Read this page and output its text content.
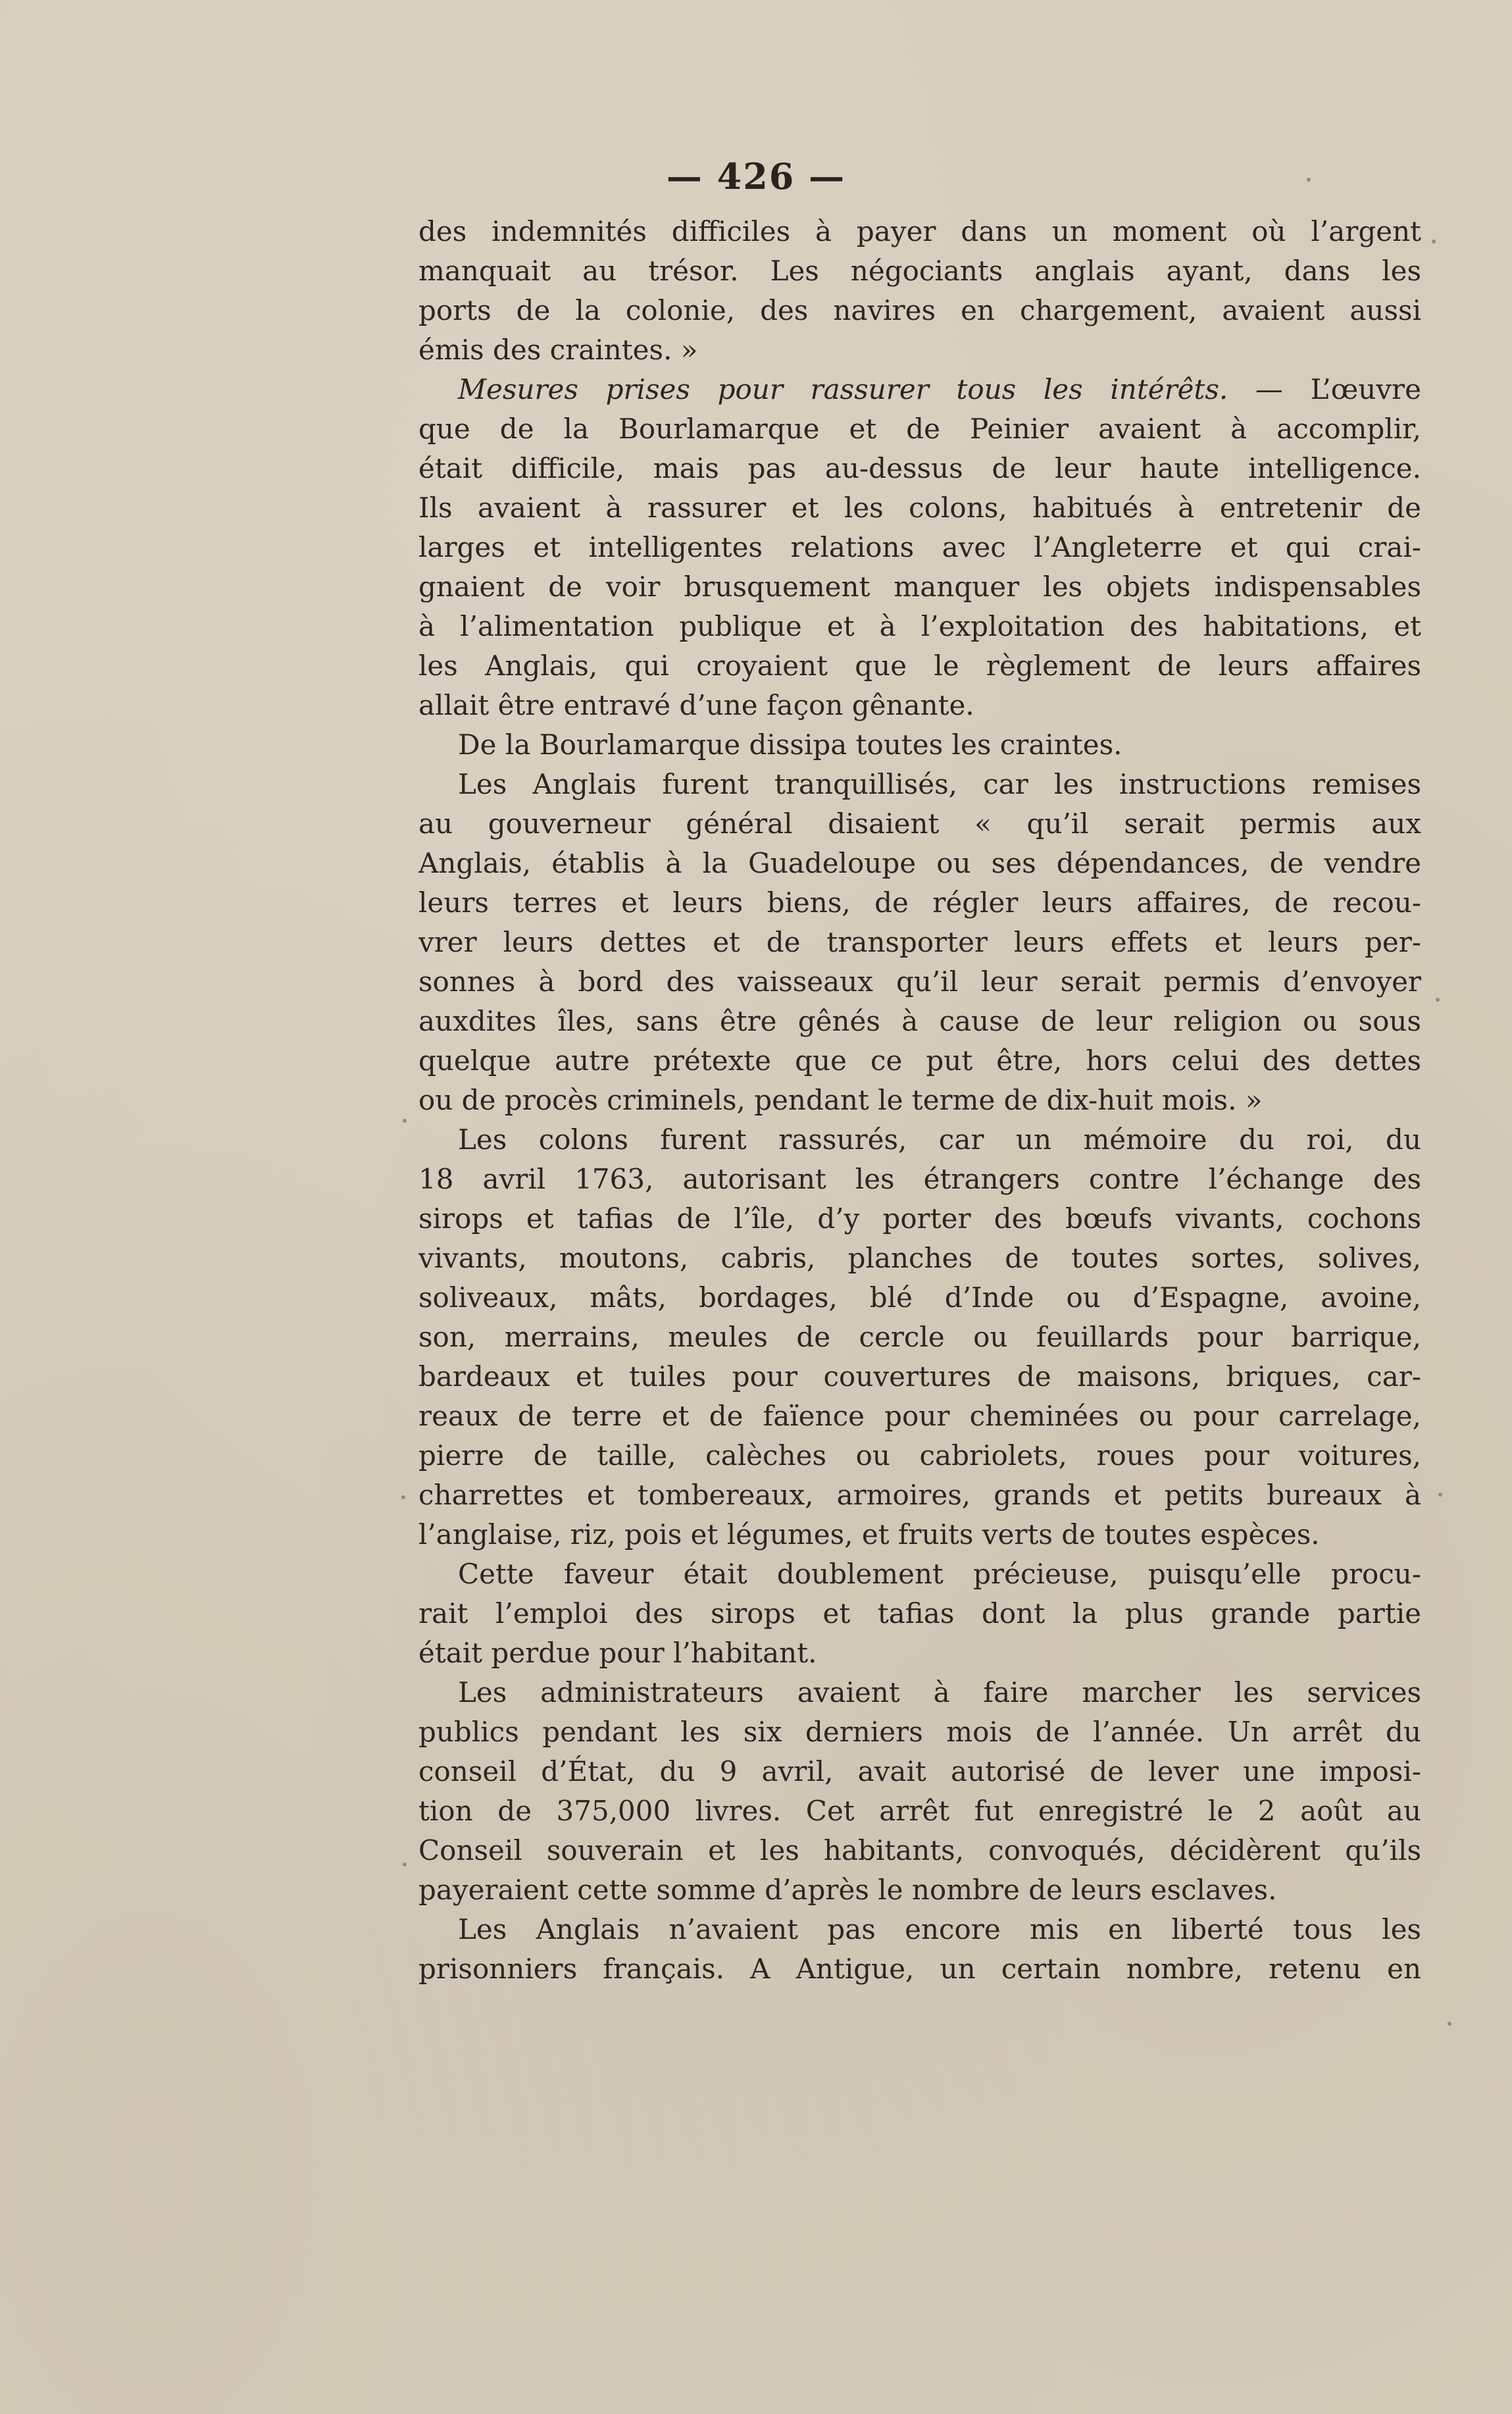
— 426 —
des indemnités difficiles à payer dans un moment où l’argent
manquait au trésor. Les négociants anglais ayant, dans les
ports de la colonie, des navires en chargement, avaient aussi
émis des craintes. »
Mesures prises pour rassurer tous les intérêts. — L’œuvre
que de la Bourlamarque et de Peinier avaient à accomplir,
était difficile, mais pas au-dessus de leur haute intelligence.
Ils avaient à rassurer et les colons, habitués à entretenir de
larges et intelligentes relations avec l’Angleterre et qui crai-
gnaient de voir brusquement manquer les objets indispensables
à l’alimentation publique et à l’exploitation des habitations, et
les Anglais, qui croyaient que le règlement de leurs affaires
allait être entravé d’une façon gênante.
De la Bourlamarque dissipa toutes les craintes.
Les Anglais furent tranquillisés, car les instructions remises
au gouverneur général disaient « qu’il serait permis aux
Anglais, établis à la Guadeloupe ou ses dépendances, de vendre
leurs terres et leurs biens, de régler leurs affaires, de recou-
vrer leurs dettes et de transporter leurs effets et leurs per-
sonnes à bord des vaisseaux qu’il leur serait permis d’envoyer
auxdites îles, sans être gênés à cause de leur religion ou sous
quelque autre prétexte que ce put être, hors celui des dettes
ou de procès criminels, pendant le terme de dix-huit mois. »
Les colons furent rassurés, car un mémoire du roi, du
18 avril 1763, autorisant les étrangers contre l’échange des
sirops et tafias de l’île, d’y porter des bœufs vivants, cochons
vivants, moutons, cabris, planches de toutes sortes, solives,
soliveaux, mâts, bordages, blé d’Inde ou d’Espagne, avoine,
son, merrains, meules de cercle ou feuillards pour barrique,
bardeaux et tuiles pour couvertures de maisons, briques, car-
reaux de terre et de faïence pour cheminées ou pour carrelage,
pierre de taille, calèches ou cabriolets, roues pour voitures,
charrettes et tombereaux, armoires, grands et petits bureaux à
l’anglaise, riz, pois et légumes, et fruits verts de toutes espèces.
Cette faveur était doublement précieuse, puisqu’elle procu-
rait l’emploi des sirops et tafias dont la plus grande partie
était perdue pour l’habitant.
Les administrateurs avaient à faire marcher les services
publics pendant les six derniers mois de l’année. Un arrêt du
conseil d’État, du 9 avril, avait autorisé de lever une imposi-
tion de 375,000 livres. Cet arrêt fut enregistré le 2 août au
Conseil souverain et les habitants, convoqués, décidèrent qu’ils
payeraient cette somme d’après le nombre de leurs esclaves.
Les Anglais n’avaient pas encore mis en liberté tous les
prisonniers français. A Antigue, un certain nombre, retenu en
